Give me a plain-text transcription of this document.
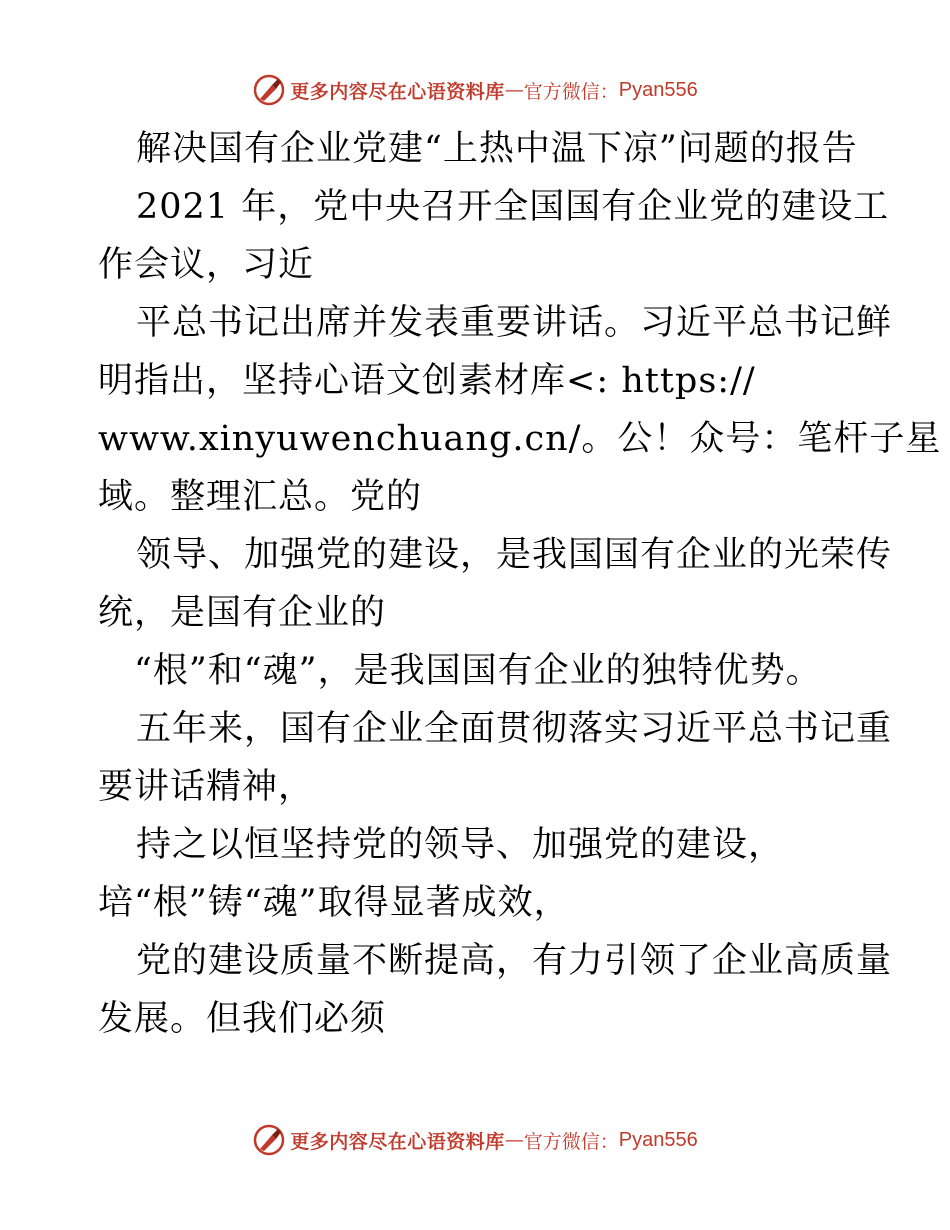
更多内容尽在心语资料库 — 官方微信： Pyan556
解决国有企业党建“上热中温下凉”问题的报告
2021 年，党中央召开全国国有企业党的建设工
作会议，习近
平总书记出席并发表重要讲话。习近平总书记鲜
明指出，坚持心语文创素材库<: https://
www.xinyuwenchuang.cn/。公！众号：笔杆子星
域。整理汇总。党的
领导、加强党的建设，是我国国有企业的光荣传
统，是国有企业的
“根”和“魂”，是我国国有企业的独特优势。
五年来，国有企业全面贯彻落实习近平总书记重
要讲话精神，
持之以恒坚持党的领导、加强党的建设，
培“根”铸“魂”取得显著成效，
党的建设质量不断提高，有力引领了企业高质量
发展。但我们必须
更多内容尽在心语资料库 — 官方微信： Pyan556
